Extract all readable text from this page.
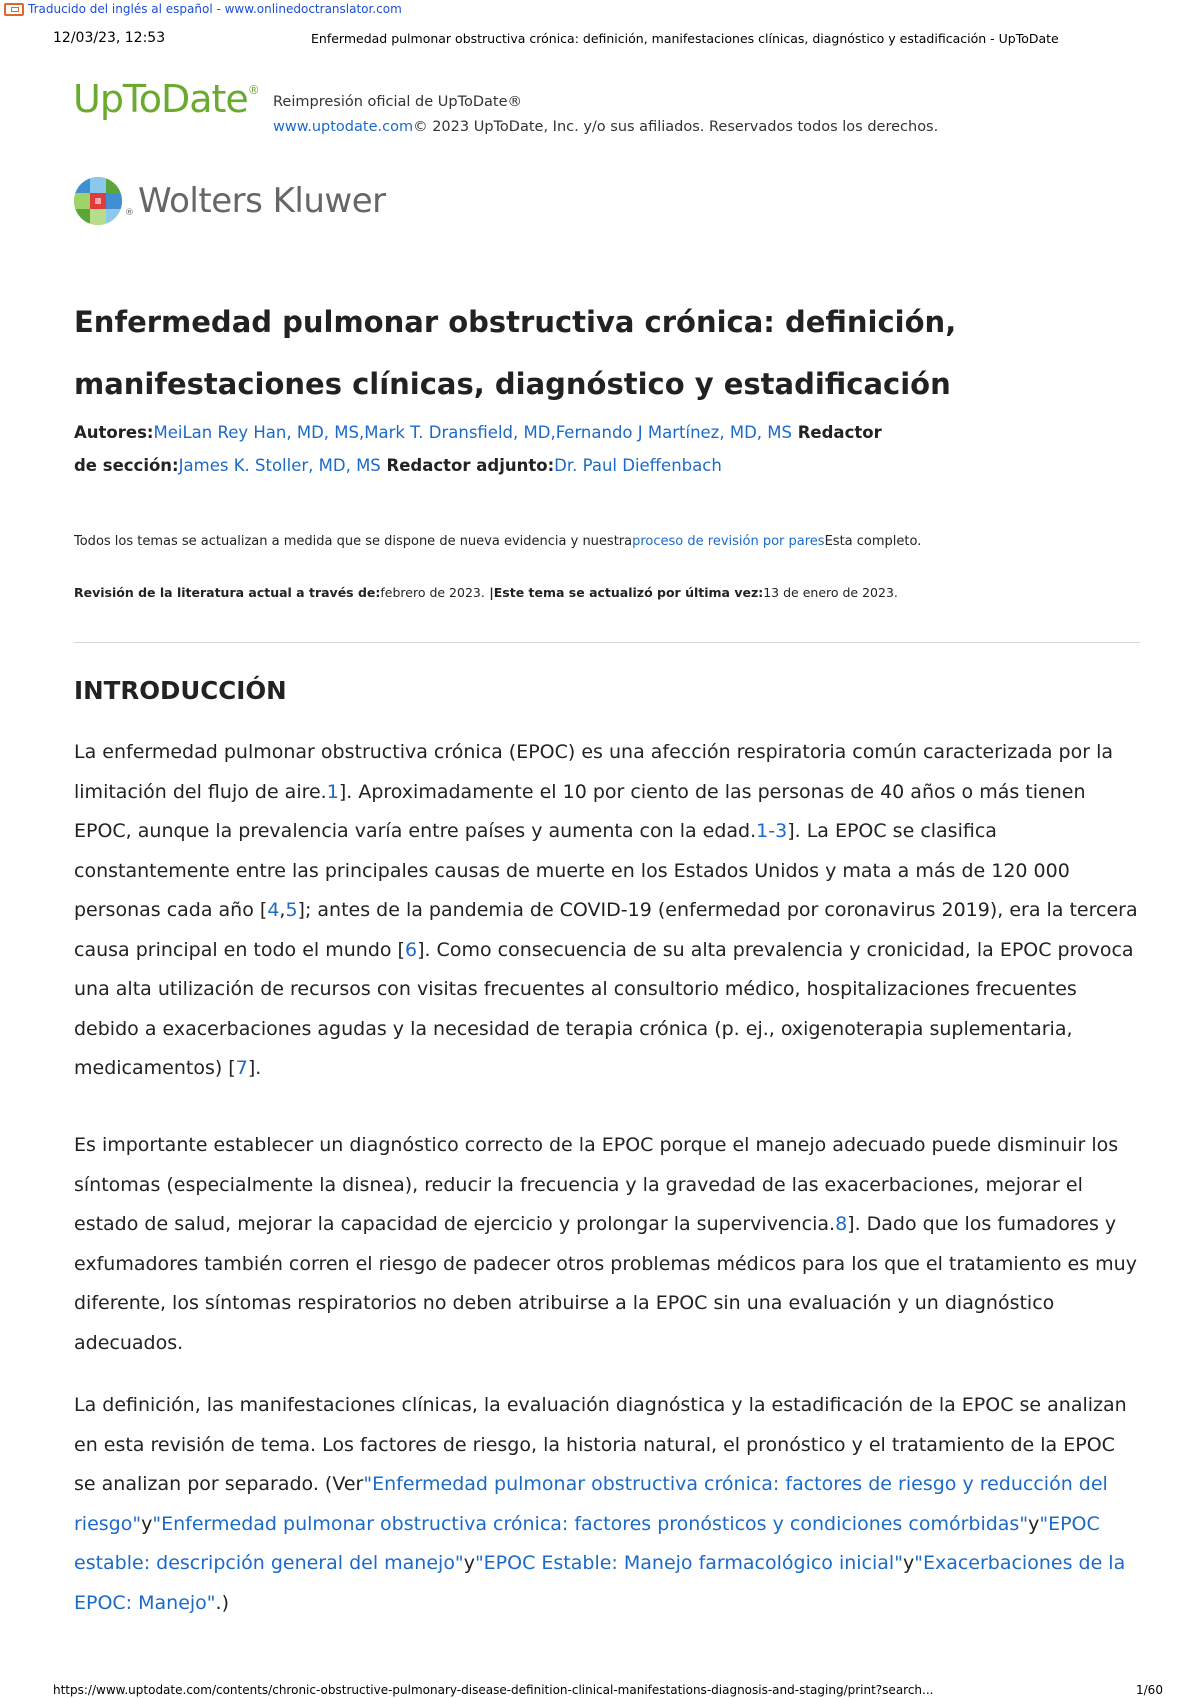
Traducido del inglés al español - www.onlinedoctranslator.com
12/03/23, 12:53	Enfermedad pulmonar obstructiva crónica: definición, manifestaciones clínicas, diagnóstico y estadificación - UpToDate
UpToDate®
Reimpresión oficial de UpToDate®
www.uptodate.com© 2023 UpToDate, Inc. y/o sus afiliados. Reservados todos los derechos.
® Wolters Kluwer
Enfermedad pulmonar obstructiva crónica: definición,
manifestaciones clínicas, diagnóstico y estadificación
Autores:MeiLan Rey Han, MD, MS,Mark T. Dransfield, MD,Fernando J Martínez, MD, MS Redactor
de sección:James K. Stoller, MD, MS Redactor adjunto:Dr. Paul Dieffenbach
Todos los temas se actualizan a medida que se dispone de nueva evidencia y nuestraproceso de revisión por paresEsta completo.
Revisión de la literatura actual a través de:febrero de 2023. |Este tema se actualizó por última vez:13 de enero de 2023.
INTRODUCCIÓN

La enfermedad pulmonar obstructiva crónica (EPOC) es una afección respiratoria común caracterizada por la limitación del flujo de aire.1]. Aproximadamente el 10 por ciento de las personas de 40 años o más tienen EPOC, aunque la prevalencia varía entre países y aumenta con la edad.1-3]. La EPOC se clasifica constantemente entre las principales causas de muerte en los Estados Unidos y mata a más de 120 000 personas cada año [4,5]; antes de la pandemia de COVID-19 (enfermedad por coronavirus 2019), era la tercera causa principal en todo el mundo [6]. Como consecuencia de su alta prevalencia y cronicidad, la EPOC provoca una alta utilización de recursos con visitas frecuentes al consultorio médico, hospitalizaciones frecuentes debido a exacerbaciones agudas y la necesidad de terapia crónica (p. ej., oxigenoterapia suplementaria, medicamentos) [7].

Es importante establecer un diagnóstico correcto de la EPOC porque el manejo adecuado puede disminuir los síntomas (especialmente la disnea), reducir la frecuencia y la gravedad de las exacerbaciones, mejorar el estado de salud, mejorar la capacidad de ejercicio y prolongar la supervivencia.8]. Dado que los fumadores y exfumadores también corren el riesgo de padecer otros problemas médicos para los que el tratamiento es muy diferente, los síntomas respiratorios no deben atribuirse a la EPOC sin una evaluación y un diagnóstico adecuados.

La definición, las manifestaciones clínicas, la evaluación diagnóstica y la estadificación de la EPOC se analizan en esta revisión de tema. Los factores de riesgo, la historia natural, el pronóstico y el tratamiento de la EPOC se analizan por separado. (Ver"Enfermedad pulmonar obstructiva crónica: factores de riesgo y reducción del riesgo"y"Enfermedad pulmonar obstructiva crónica: factores pronósticos y condiciones comórbidas"y"EPOC estable: descripción general del manejo"y"EPOC Estable: Manejo farmacológico inicial"y"Exacerbaciones de la EPOC: Manejo".)

https://www.uptodate.com/contents/chronic-obstructive-pulmonary-disease-definition-clinical-manifestations-diagnosis-and-staging/print?search...	1/60
